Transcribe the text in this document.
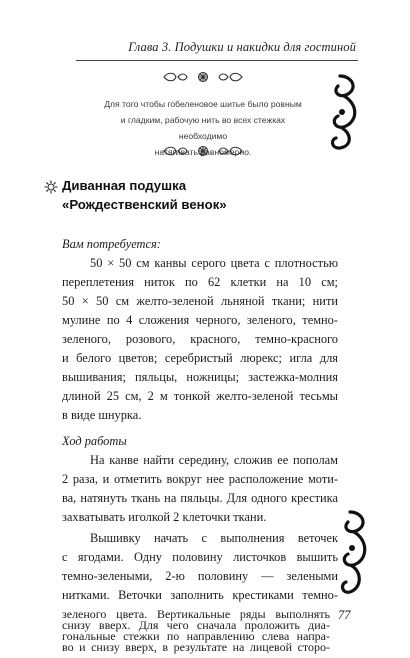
Глава 3. Подушки и накидки для гостиной
Для того чтобы гобеленовое шитье было ровным
и гладким, рабочую нить во всех стежках необходимо
натягивать равномерно.
Диванная подушка
«Рождественский венок»
Вам потребуется:
50 × 50 см канвы серого цвета с плотностью
переплетения ниток по 62 клетки на 10 см;
50 × 50 см желто-зеленой льняной ткани; нити
мулине по 4 сложения черного, зеленого, темно-
зеленого, розового, красного, темно-красного
и белого цветов; серебристый люрекс; игла для
вышивания; пяльцы, ножницы; застежка-молния
длиной 25 см, 2 м тонкой желто-зеленой тесьмы
в виде шнурка.
Ход работы
На канве найти середину, сложив ее пополам
2 раза, и отметить вокруг нее расположение моти-
ва, натянуть ткань на пяльцы. Для одного крестика
захватывать иголкой 2 клеточки ткани.
Вышивку начать с выполнения веточек
с ягодами. Одну половину листочков вышить
темно-зелеными, 2-ю половину — зелеными
нитками. Веточки заполнить крестиками темно-
77
зеленого цвета. Вертикальные ряды выполнять
снизу вверх. Для чего сначала проложить диа-
гональные стежки по направлению слева напра-
во и снизу вверх, в результате на лицевой сторо-
